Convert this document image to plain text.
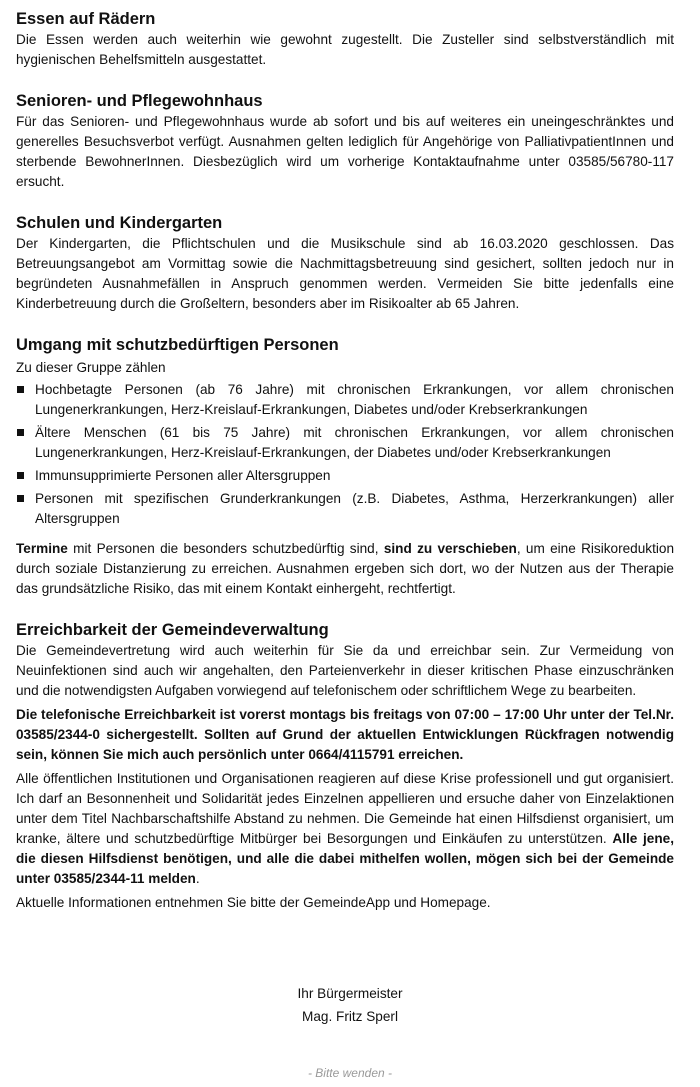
Essen auf Rädern

Die Essen werden auch weiterhin wie gewohnt zugestellt. Die Zusteller sind selbstverständlich mit hygienischen Behelfsmitteln ausgestattet.

Senioren- und Pflegewohnhaus

Für das Senioren- und Pflegewohnhaus wurde ab sofort und bis auf weiteres ein uneingeschränktes und generelles Besuchsverbot verfügt. Ausnahmen gelten lediglich für Angehörige von PalliativpatientInnen und sterbende BewohnerInnen. Diesbezüglich wird um vorherige Kontaktaufnahme unter 03585/56780-117 ersucht.

Schulen und Kindergarten

Der Kindergarten, die Pflichtschulen und die Musikschule sind ab 16.03.2020 geschlossen. Das Betreuungsangebot am Vormittag sowie die Nachmittagsbetreuung sind gesichert, sollten jedoch nur in begründeten Ausnahmefällen in Anspruch genommen werden. Vermeiden Sie bitte jedenfalls eine Kinderbetreuung durch die Großeltern, besonders aber im Risikoalter ab 65 Jahren.

Umgang mit schutzbedürftigen Personen

Zu dieser Gruppe zählen

Hochbetagte Personen (ab 76 Jahre) mit chronischen Erkrankungen, vor allem chronischen Lungenerkrankungen, Herz-Kreislauf-Erkrankungen, Diabetes und/oder Krebserkrankungen
Ältere Menschen (61 bis 75 Jahre) mit chronischen Erkrankungen, vor allem chronischen Lungenerkrankungen, Herz-Kreislauf-Erkrankungen, der Diabetes und/oder Krebserkrankungen
Immunsupprimierte Personen aller Altersgruppen
Personen mit spezifischen Grunderkrankungen (z.B. Diabetes, Asthma, Herzerkrankungen) aller Altersgruppen

Termine mit Personen die besonders schutzbedürftig sind, sind zu verschieben, um eine Risikoreduktion durch soziale Distanzierung zu erreichen. Ausnahmen ergeben sich dort, wo der Nutzen aus der Therapie das grundsätzliche Risiko, das mit einem Kontakt einhergeht, rechtfertigt.

Erreichbarkeit der Gemeindeverwaltung

Die Gemeindevertretung wird auch weiterhin für Sie da und erreichbar sein. Zur Vermeidung von Neuinfektionen sind auch wir angehalten, den Parteienverkehr in dieser kritischen Phase einzuschränken und die notwendigsten Aufgaben vorwiegend auf telefonischem oder schriftlichem Wege zu bearbeiten.

Die telefonische Erreichbarkeit ist vorerst montags bis freitags von 07:00 – 17:00 Uhr unter der Tel.Nr. 03585/2344-0 sichergestellt. Sollten auf Grund der aktuellen Entwicklungen Rückfragen notwendig sein, können Sie mich auch persönlich unter 0664/4115791 erreichen.

Alle öffentlichen Institutionen und Organisationen reagieren auf diese Krise professionell und gut organisiert. Ich darf an Besonnenheit und Solidarität jedes Einzelnen appellieren und ersuche daher von Einzelaktionen unter dem Titel Nachbarschaftshilfe Abstand zu nehmen. Die Gemeinde hat einen Hilfsdienst organisiert, um kranke, ältere und schutzbedürftige Mitbürger bei Besorgungen und Einkäufen zu unterstützen. Alle jene, die diesen Hilfsdienst benötigen, und alle die dabei mithelfen wollen, mögen sich bei der Gemeinde unter 03585/2344-11 melden.

Aktuelle Informationen entnehmen Sie bitte der GemeindeApp und Homepage.

Ihr Bürgermeister
Mag. Fritz Sperl
- Bitte wenden -
